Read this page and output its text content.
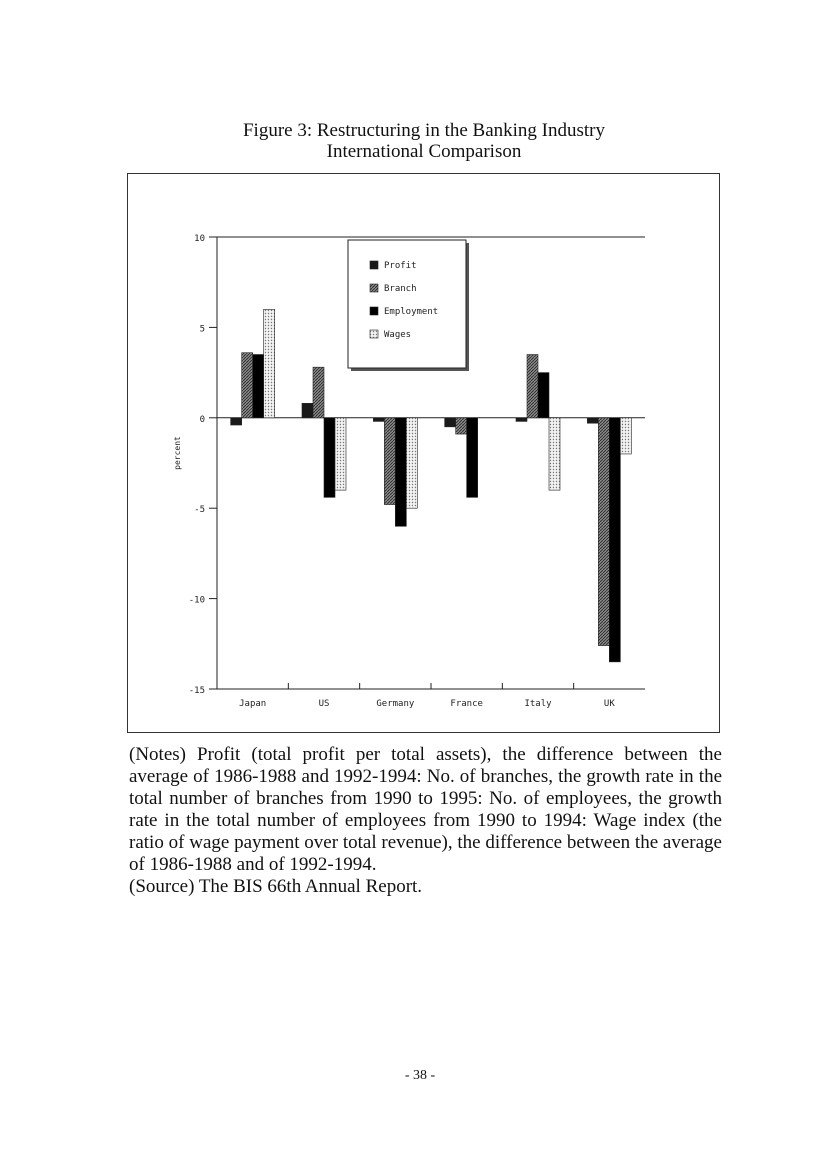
Figure 3: Restructuring in the Banking Industry
International Comparison
10
5
0
-5
-10
-15
percent
Japan	US	Germany	France	Italy	UK
Profit
Branch
Employment
Wages

(Notes) Profit (total profit per total assets), the difference between the average of 1986-1988 and 1992-1994: No. of branches, the growth rate in the total number of branches from 1990 to 1995: No. of employees, the growth rate in the total number of employees from 1990 to 1994: Wage index (the ratio of wage payment over total revenue), the difference between the average of 1986-1988 and of 1992-1994.

(Source) The BIS 66th Annual Report.

- 38 -
